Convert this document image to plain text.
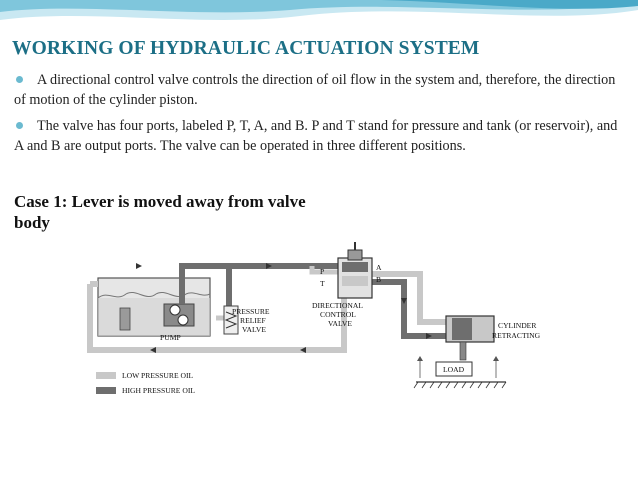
WORKING OF HYDRAULIC ACTUATION SYSTEM
A directional control valve controls the direction of oil flow in the system and, therefore, the direction of motion of the cylinder piston.
The valve has four ports, labeled P, T, A, and B. P and T stand for pressure and tank (or reservoir), and A and B are output ports. The valve can be operated in three different positions.
Case 1: Lever is moved away from valve body
PUMP
PRESSURE
RELIEF
VALVE
P
T
A
B
DIRECTIONAL
CONTROL
VALVE	CYLINDER
RETRACTING
LOAD
LOW PRESSURE OIL
HIGH PRESSURE OIL
